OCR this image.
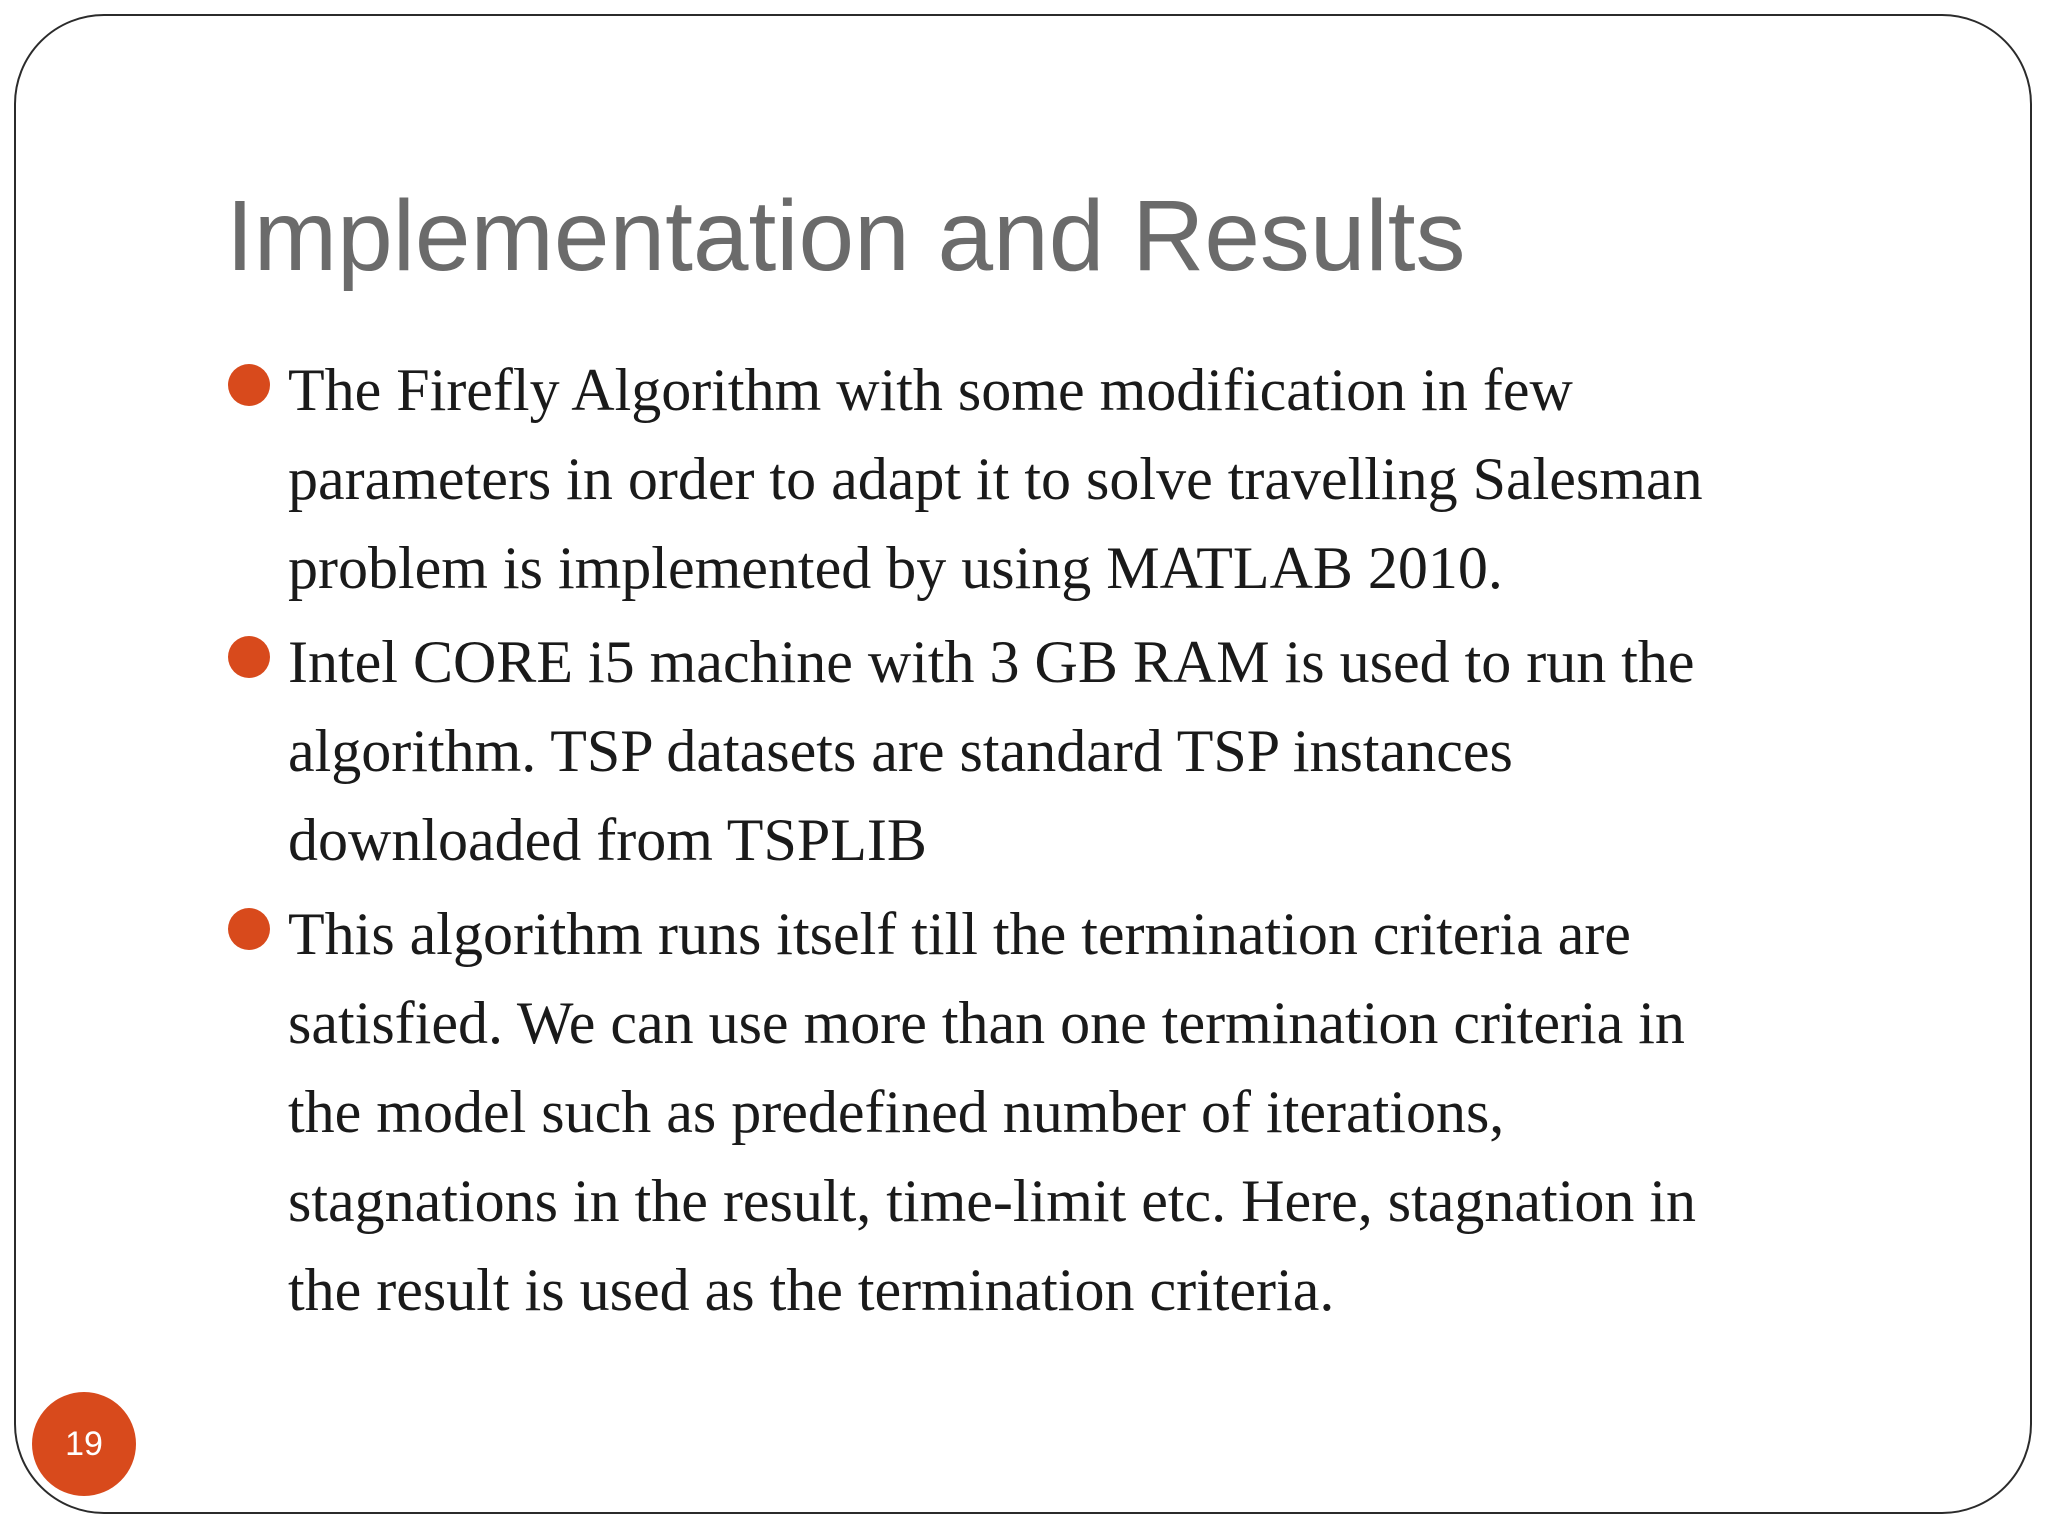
Implementation and Results
The Firefly Algorithm with some modification in few
parameters in order to adapt it to solve travelling Salesman
problem is implemented by using MATLAB 2010.
Intel CORE i5 machine with 3 GB RAM is used to run the
algorithm. TSP datasets are standard TSP instances
downloaded from TSPLIB
This algorithm runs itself till the termination criteria are
satisfied. We can use more than one termination criteria in
the model such as predefined number of iterations,
stagnations in the result, time-limit etc. Here, stagnation in
the result is used as the termination criteria.
19
